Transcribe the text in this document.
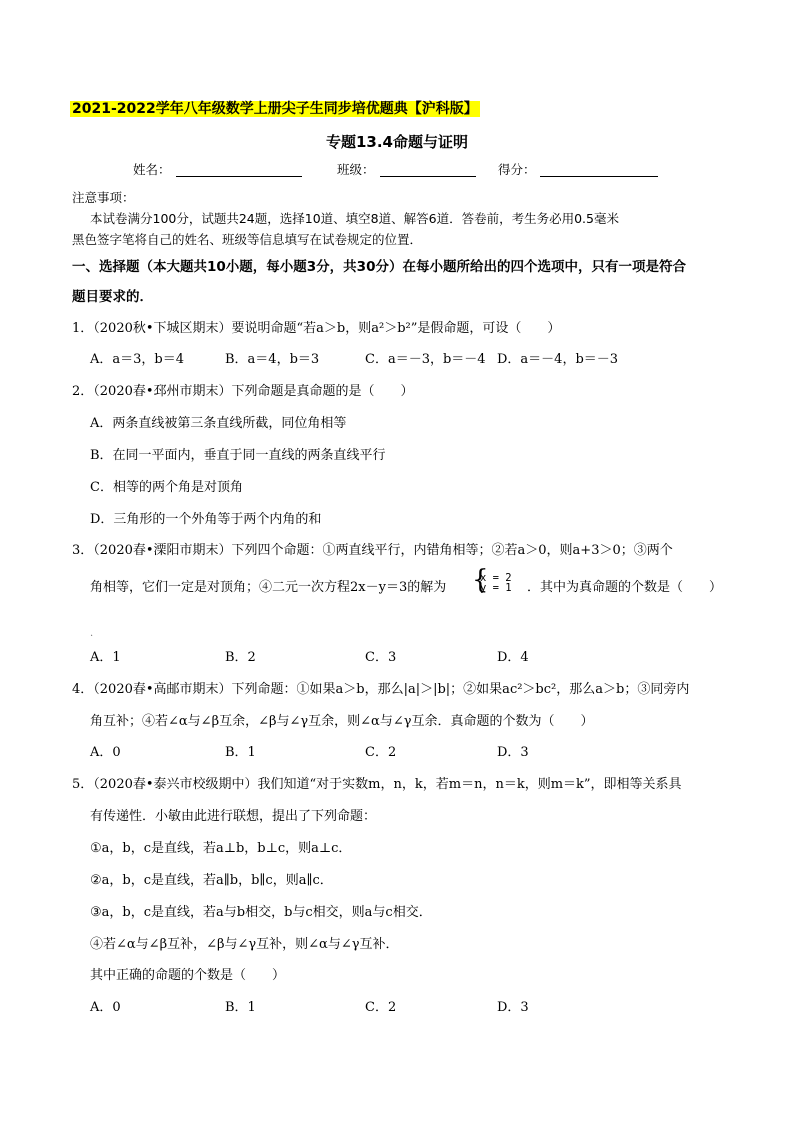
2021-2022学年八年级数学上册尖子生同步培优题典【沪科版】
专题13.4命题与证明
姓名：	班级：	得分：
注意事项：
本试卷满分100分，试题共24题，选择10道、填空8道、解答6道．答卷前，考生务必用0.5毫米
黑色签字笔将自己的姓名、班级等信息填写在试卷规定的位置．
一、选择题（本大题共10小题，每小题3分，共30分）在每小题所给出的四个选项中，只有一项是符合
题目要求的．
1．（2020秋•下城区期末）要说明命题“若a＞b，则a²＞b²”是假命题，可设（　　）
A．a＝3，b＝4	B．a＝4，b＝3	C．a＝－3，b＝－4 D．a＝－4，b＝－3
2．（2020春•邳州市期末）下列命题是真命题的是（　　）
A．两条直线被第三条直线所截，同位角相等
B．在同一平面内，垂直于同一直线的两条直线平行
C．相等的两个角是对顶角
D．三角形的一个外角等于两个内角的和
3．（2020春•溧阳市期末）下列四个命题：①两直线平行，内错角相等；②若a＞0，则a+3＞0；③两个
角相等，它们一定是对顶角；④二元一次方程2x－y＝3的解为 {
x = 2
y = 1 ．其中为真命题的个数是（　　）
.
A．1	B．2	C．3	D．4
4．（2020春•高邮市期末）下列命题：①如果a＞b，那么|a|＞|b|；②如果ac²＞bc²，那么a＞b；③同旁内
角互补；④若∠α与∠β互余，∠β与∠γ互余，则∠α与∠γ互余．真命题的个数为（　　）
A．0	B．1	C．2	D．3
5．（2020春•泰兴市校级期中）我们知道“对于实数m，n，k，若m＝n，n＝k，则m＝k”，即相等关系具
有传递性．小敏由此进行联想，提出了下列命题：
①a，b，c是直线，若a⊥b，b⊥c，则a⊥c．
②a，b，c是直线，若a∥b，b∥c，则a∥c．
③a，b，c是直线，若a与b相交，b与c相交，则a与c相交．
④若∠α与∠β互补，∠β与∠γ互补，则∠α与∠γ互补．
其中正确的命题的个数是（　　）
A．0	B．1	C．2	D．3
